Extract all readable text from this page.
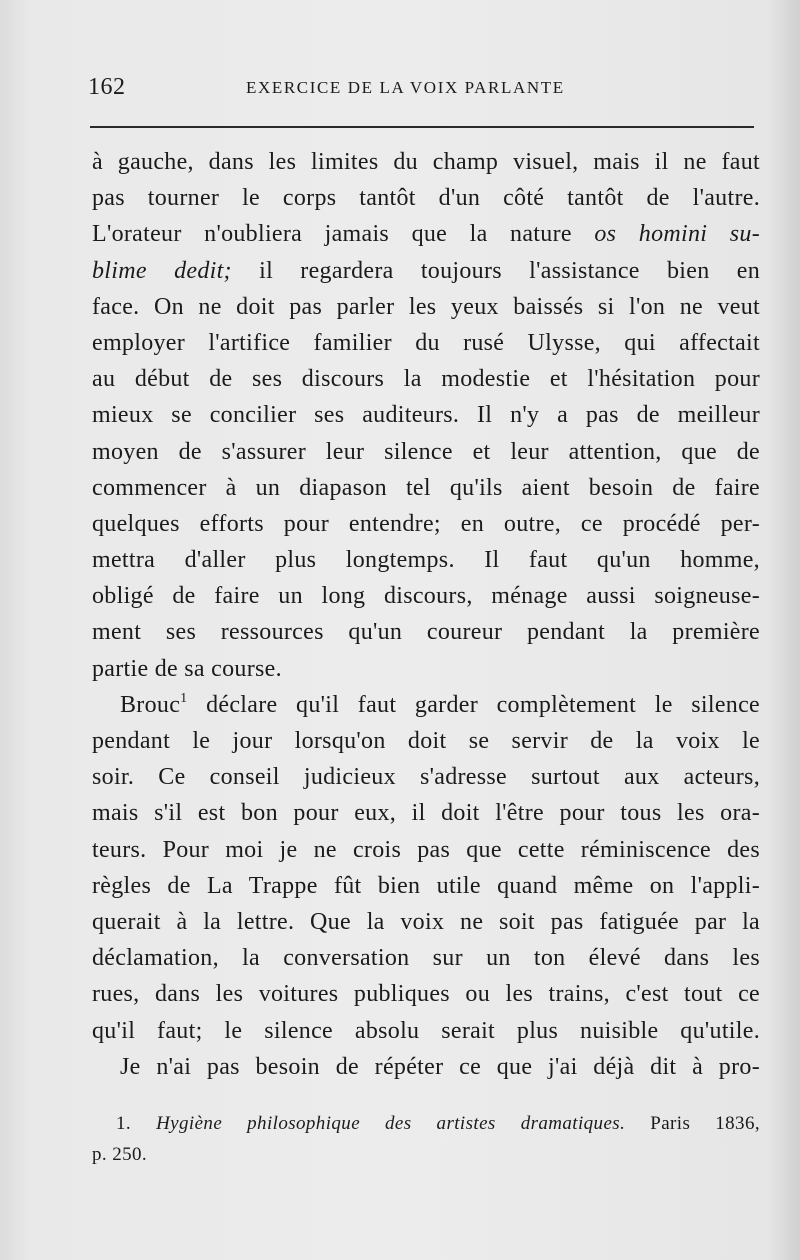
162	EXERCICE DE LA VOIX PARLANTE
à gauche, dans les limites du champ visuel, mais il ne faut
pas tourner le corps tantôt d'un côté tantôt de l'autre.
L'orateur n'oubliera jamais que la nature os homini su-
blime dedit; il regardera toujours l'assistance bien en
face. On ne doit pas parler les yeux baissés si l'on ne veut
employer l'artifice familier du rusé Ulysse, qui affectait
au début de ses discours la modestie et l'hésitation pour
mieux se concilier ses auditeurs. Il n'y a pas de meilleur
moyen de s'assurer leur silence et leur attention, que de
commencer à un diapason tel qu'ils aient besoin de faire
quelques efforts pour entendre; en outre, ce procédé per-
mettra d'aller plus longtemps. Il faut qu'un homme,
obligé de faire un long discours, ménage aussi soigneuse-
ment ses ressources qu'un coureur pendant la première
partie de sa course.
Brouc$^1$ déclare qu'il faut garder complètement le silence
pendant le jour lorsqu'on doit se servir de la voix le
soir. Ce conseil judicieux s'adresse surtout aux acteurs,
mais s'il est bon pour eux, il doit l'être pour tous les ora-
teurs. Pour moi je ne crois pas que cette réminiscence des
règles de La Trappe fût bien utile quand même on l'appli-
querait à la lettre. Que la voix ne soit pas fatiguée par la
déclamation, la conversation sur un ton élevé dans les
rues, dans les voitures publiques ou les trains, c'est tout ce
qu'il faut; le silence absolu serait plus nuisible qu'utile.
Je n'ai pas besoin de répéter ce que j'ai déjà dit à pro-
1. Hygiène philosophique des artistes dramatiques. Paris 1836,
p. 250.
